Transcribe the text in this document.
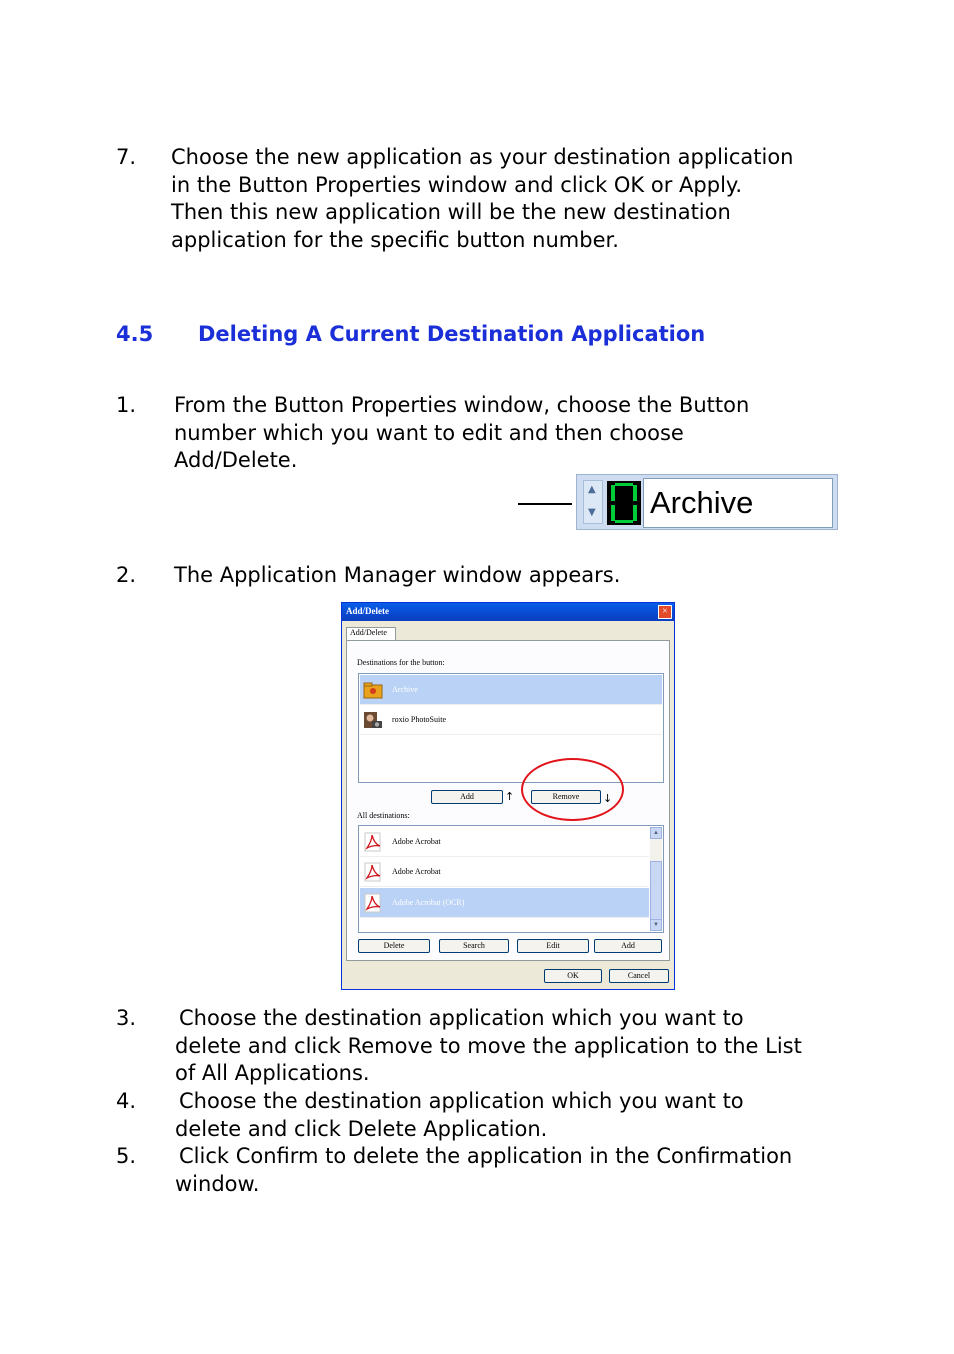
7. Choose the new application as your destination application
in the Button Properties window and click OK or Apply.
Then this new application will be the new destination
application for the specific button number.
4.5 Deleting A Current Destination Application
1. From the Button Properties window, choose the Button
number which you want to edit and then choose
Add/Delete.
▲
▼ Archive
2. The Application Manager window appears.
Add/Delete	×
Add/Delete
Destinations for the button:
Archive
roxio PhotoSuite
Add	↑	Remove	↓
All destinations:
Adobe Acrobat
Adobe Acrobat
Adobe Acrobat (OCR)
▲
▼
Delete	Search	Edit	Add
OK	Cancel
3. Choose the destination application which you want to
delete and click Remove to move the application to the List
of All Applications.
4. Choose the destination application which you want to
delete and click Delete Application.
5. Click Confirm to delete the application in the Confirmation
window.
